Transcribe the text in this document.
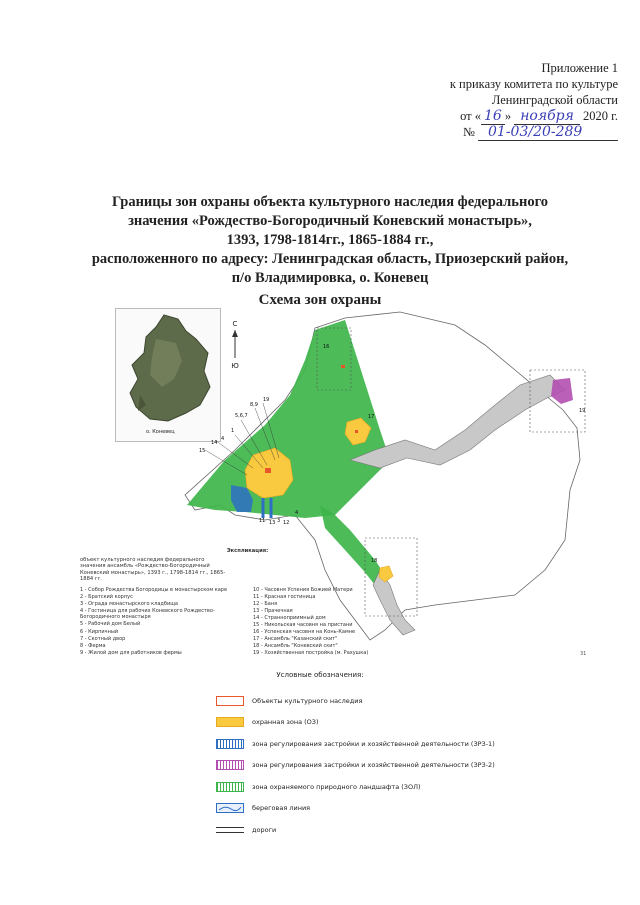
Приложение 1
к приказу комитета по культуре
Ленинградской области
от « 16 » ноября 2020 г.
№ 01-03/20-289
Границы зон охраны объекта культурного наследия федерального
значения «Рождество-Богородичный Коневский монастырь»,
1393, 1798-1814гг., 1865-1884 гг.,
расположенного по адресу: Ленинградская область, Приозерский район,
п/о Владимировка, о. Коневец
Схема зон охраны
о. Коневец
С
Ю
16
17
19
18
8,9
19
5,6,7
1
4
14
15
11 13 3 12
4
Экспликация:
объект культурного наследия федерального значения ансамбль «Рождество-Богородичный Коневский монастырь», 1393 г., 1798-1814 гг., 1865-1884 гг.
1 - Собор Рождества Богородицы в монастырском каре
2 - Братский корпус
3 - Ограда монастырского кладбища
4 - Гостиница для рабочих Коневского Рождество-Богородичного монастыря
5 - Рабочий дом Белый
6 - Кирпичный
7 - Скотный двор
8 - Ферма
9 - Жилой дом для работников фермы
10 - Часовня Успения Божией Матери
11 - Красная гостиница
12 - Баня
13 - Прачечная
14 - Странноприимный дом
15 - Никольская часовня на пристани
16 - Успенская часовня на Конь-Камне
17 - Ансамбль "Казанский скит"
18 - Ансамбль "Коневский скит"
19 - Хозяйственная постройка (м. Рахушка)	31
Условные обозначения:
Объекты культурного наследия
охранная зона (ОЗ)
зона регулирования застройки и хозяйственной деятельности (ЗРЗ-1)
зона регулирования застройки и хозяйственной деятельности (ЗРЗ-2)
зона охраняемого природного ландшафта (ЗОЛ)
береговая линия
дороги
